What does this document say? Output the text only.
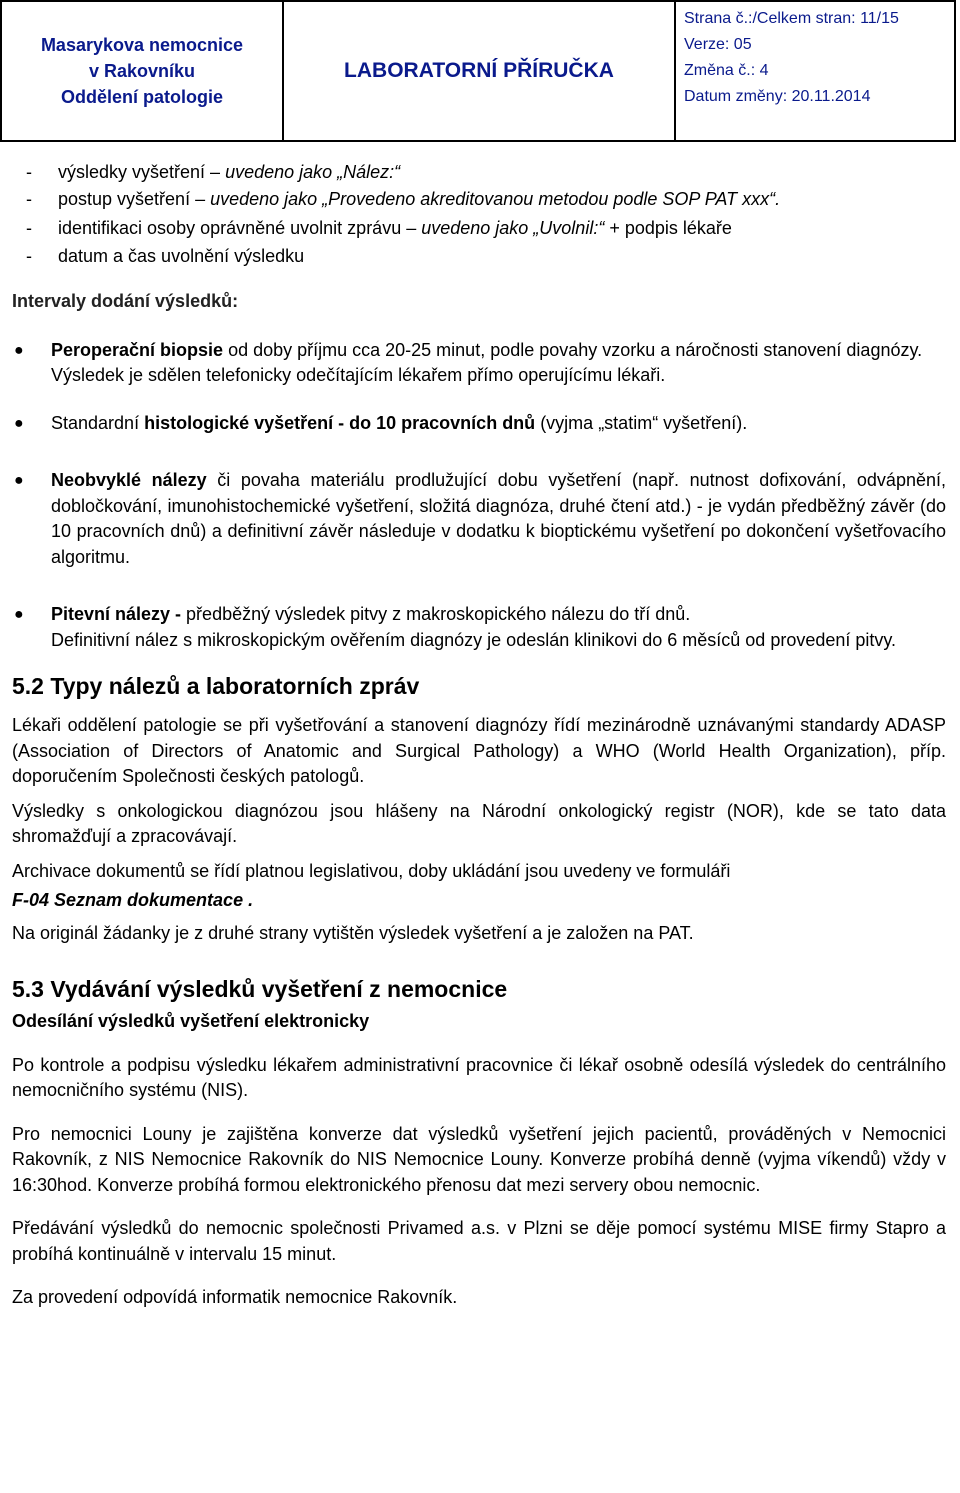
Masarykova nemocnice
v Rakovníku
Oddělení patologie
LABORATORNÍ PŘÍRUČKA
Strana č.:/Celkem stran: 11/15
Verze: 05
Změna č.: 4
Datum změny: 20.11.2014
-	výsledky vyšetření – uvedeno jako „Nález:“
-	postup vyšetření – uvedeno jako „Provedeno akreditovanou metodou podle SOP PAT xxx“.
-	identifikaci osoby oprávněné uvolnit zprávu – uvedeno jako „Uvolnil:“ + podpis lékaře
-	datum a čas uvolnění výsledku
Intervaly dodání výsledků:
●	Peroperační biopsie od doby příjmu cca 20-25 minut, podle povahy vzorku a náročnosti stanovení diagnózy.
Výsledek je sdělen telefonicky odečítajícím lékařem přímo operujícímu lékaři.
●	Standardní histologické vyšetření - do 10 pracovních dnů (vyjma „statim“ vyšetření).
●	Neobvyklé nálezy či povaha materiálu prodlužující dobu vyšetření (např. nutnost dofixování, odvápnění, dobločkování, imunohistochemické vyšetření, složitá diagnóza, druhé čtení atd.) - je vydán předběžný závěr (do 10 pracovních dnů) a definitivní závěr následuje v dodatku k bioptickému vyšetření po dokončení vyšetřovacího algoritmu.
●	Pitevní nálezy - předběžný výsledek pitvy z makroskopického nálezu do tří dnů.
Definitivní nález s mikroskopickým ověřením diagnózy je odeslán klinikovi do 6 měsíců od provedení pitvy.
5.2 Typy nálezů a laboratorních zpráv

Lékaři oddělení patologie se při vyšetřování a stanovení diagnózy řídí mezinárodně uznávanými standardy ADASP (Association of Directors of Anatomic and Surgical Pathology) a WHO (World Health Organization), příp. doporučením Společnosti českých patologů.

Výsledky s onkologickou diagnózou jsou hlášeny na Národní onkologický registr (NOR), kde se tato data shromažďují a zpracovávají.

Archivace dokumentů se řídí platnou legislativou, doby ukládání jsou uvedeny ve formuláři

F-04 Seznam dokumentace .

Na originál žádanky je z druhé strany vytištěn výsledek vyšetření a je založen na PAT.

5.3 Vydávání výsledků vyšetření z nemocnice
Odesílání výsledků vyšetření elektronicky

Po kontrole a podpisu výsledku lékařem administrativní pracovnice či lékař osobně odesílá výsledek do centrálního nemocničního systému (NIS).

Pro nemocnici Louny je zajištěna konverze dat výsledků vyšetření jejich pacientů, prováděných v Nemocnici Rakovník, z NIS Nemocnice Rakovník do NIS Nemocnice Louny. Konverze probíhá denně (vyjma víkendů) vždy v 16:30hod. Konverze probíhá formou elektronického přenosu dat mezi servery obou nemocnic.

Předávání výsledků do nemocnic společnosti Privamed a.s. v Plzni se děje pomocí systému MISE firmy Stapro a probíhá kontinuálně v intervalu 15 minut.

Za provedení odpovídá informatik nemocnice Rakovník.
